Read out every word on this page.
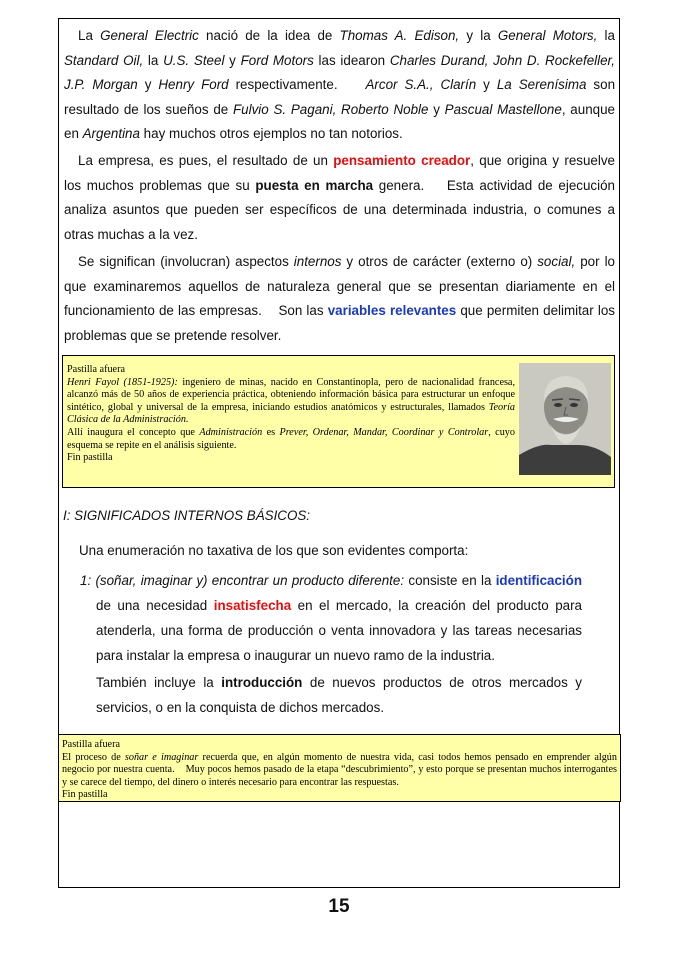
La General Electric nació de la idea de Thomas A. Edison, y la General Motors, la Standard Oil, la U.S. Steel y Ford Motors las idearon Charles Durand, John D. Rockefeller, J.P. Morgan y Henry Ford respectivamente.    Arcor S.A., Clarín y La Serenísima son resultado de los sueños de Fulvio S. Pagani, Roberto Noble y Pascual Mastellone, aunque en Argentina hay muchos otros ejemplos no tan notorios.

La empresa, es pues, el resultado de un pensamiento creador, que origina y resuelve los muchos problemas que su puesta en marcha genera.    Esta actividad de ejecución analiza asuntos que pueden ser específicos de una determinada industria, o comunes a otras muchas a la vez.

Se significan (involucran) aspectos internos y otros de carácter (externo o) social, por lo que examinaremos aquellos de naturaleza general que se presentan diariamente en el funcionamiento de las empresas.    Son las variables relevantes que permiten delimitar los problemas que se pretende resolver.

Pastilla afuera
Henri Fayol (1851-1925): ingeniero de minas, nacido en Constantinopla, pero de nacionalidad francesa, alcanzó más de 50 años de experiencia práctica, obteniendo información básica para estructurar un enfoque sintético, global y universal de la empresa, iniciando estudios anatómicos y estructurales, llamados Teoría Clásica de la Administración.
Allí inaugura el concepto que Administración es Prever, Ordenar, Mandar, Coordinar y Controlar, cuyo esquema se repite en el análisis siguiente.
Fin pastilla
I: SIGNIFICADOS INTERNOS BÁSICOS:

Una enumeración no taxativa de los que son evidentes comporta:

1: (soñar, imaginar y) encontrar un producto diferente: consiste en la identificación de una necesidad insatisfecha en el mercado, la creación del producto para atenderla, una forma de producción o venta innovadora y las tareas necesarias para instalar la empresa o inaugurar un nuevo ramo de la industria.

También incluye la introducción de nuevos productos de otros mercados y servicios, o en la conquista de dichos mercados.

Pastilla afuera
El proceso de soñar e imaginar recuerda que, en algún momento de nuestra vida, casi todos hemos pensado en emprender algún negocio por nuestra cuenta.    Muy pocos hemos pasado de la etapa “descubrimiento”, y esto porque se presentan muchos interrogantes y se carece del tiempo, del dinero o interés necesario para encontrar las respuestas.
Fin pastilla
15
